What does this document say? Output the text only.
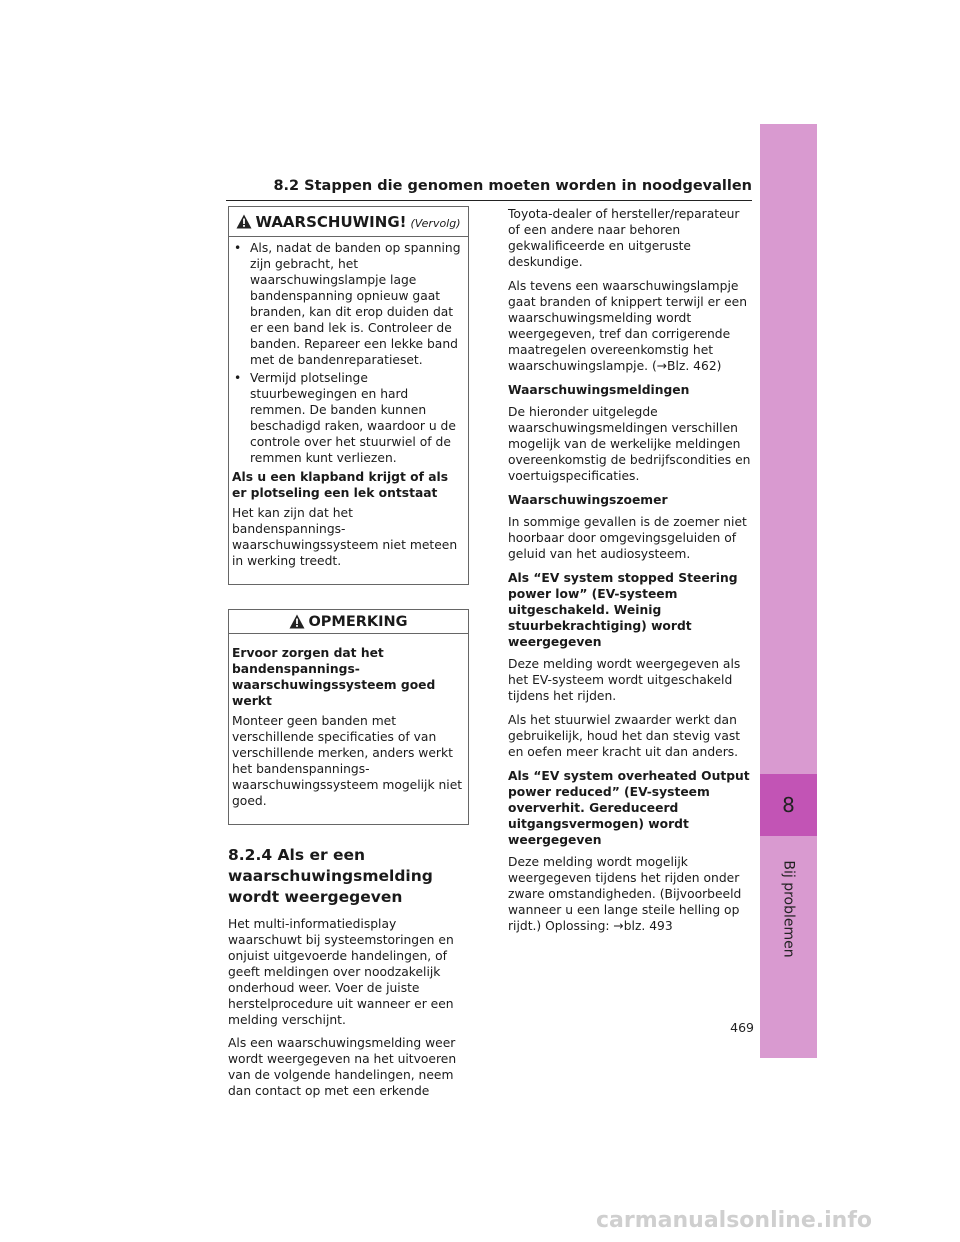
8.2 Stappen die genomen moeten worden in noodgevallen
8
Bij problemen
WAARSCHUWING! (Vervolg)
• Als, nadat de banden op spanning zijn gebracht, het waarschuwingslampje lage bandenspanning opnieuw gaat branden, kan dit erop duiden dat er een band lek is. Controleer de banden. Repareer een lekke band met de bandenreparatieset.
• Vermijd plotselinge stuurbewegingen en hard remmen. De banden kunnen beschadigd raken, waardoor u de controle over het stuurwiel of de remmen kunt verliezen.
Als u een klapband krijgt of als er plotseling een lek ontstaat

Het kan zijn dat het bandenspannings-waarschuwingssysteem niet meteen in werking treedt.

OPMERKING
Ervoor zorgen dat het bandenspannings-waarschuwingssysteem goed werkt

Monteer geen banden met verschillende specificaties of van verschillende merken, anders werkt het bandenspannings-waarschuwingssysteem mogelijk niet goed.

8.2.4 Als er een waarschuwingsmelding wordt weergegeven

Het multi-informatiedisplay waarschuwt bij systeemstoringen en onjuist uitgevoerde handelingen, of geeft meldingen over noodzakelijk onderhoud weer. Voer de juiste herstelprocedure uit wanneer er een melding verschijnt.

Als een waarschuwingsmelding weer wordt weergegeven na het uitvoeren van de volgende handelingen, neem dan contact op met een erkende

Toyota-dealer of hersteller/reparateur of een andere naar behoren gekwalificeerde en uitgeruste deskundige.

Als tevens een waarschuwingslampje gaat branden of knippert terwijl er een waarschuwingsmelding wordt weergegeven, tref dan corrigerende maatregelen overeenkomstig het waarschuwingslampje. (→Blz. 462)

Waarschuwingsmeldingen

De hieronder uitgelegde waarschuwingsmeldingen verschillen mogelijk van de werkelijke meldingen overeenkomstig de bedrijfscondities en voertuigspecificaties.

Waarschuwingszoemer

In sommige gevallen is de zoemer niet hoorbaar door omgevingsgeluiden of geluid van het audiosysteem.

Als “EV system stopped Steering power low” (EV-systeem uitgeschakeld. Weinig stuurbekrachtiging) wordt weergegeven

Deze melding wordt weergegeven als het EV-systeem wordt uitgeschakeld tijdens het rijden.

Als het stuurwiel zwaarder werkt dan gebruikelijk, houd het dan stevig vast en oefen meer kracht uit dan anders.

Als “EV system overheated Output power reduced” (EV-systeem oververhit. Gereduceerd uitgangsvermogen) wordt weergegeven

Deze melding wordt mogelijk weergegeven tijdens het rijden onder zware omstandigheden. (Bijvoorbeeld wanneer u een lange steile helling op rijdt.) Oplossing: →blz. 493

469
carmanualsonline.info
